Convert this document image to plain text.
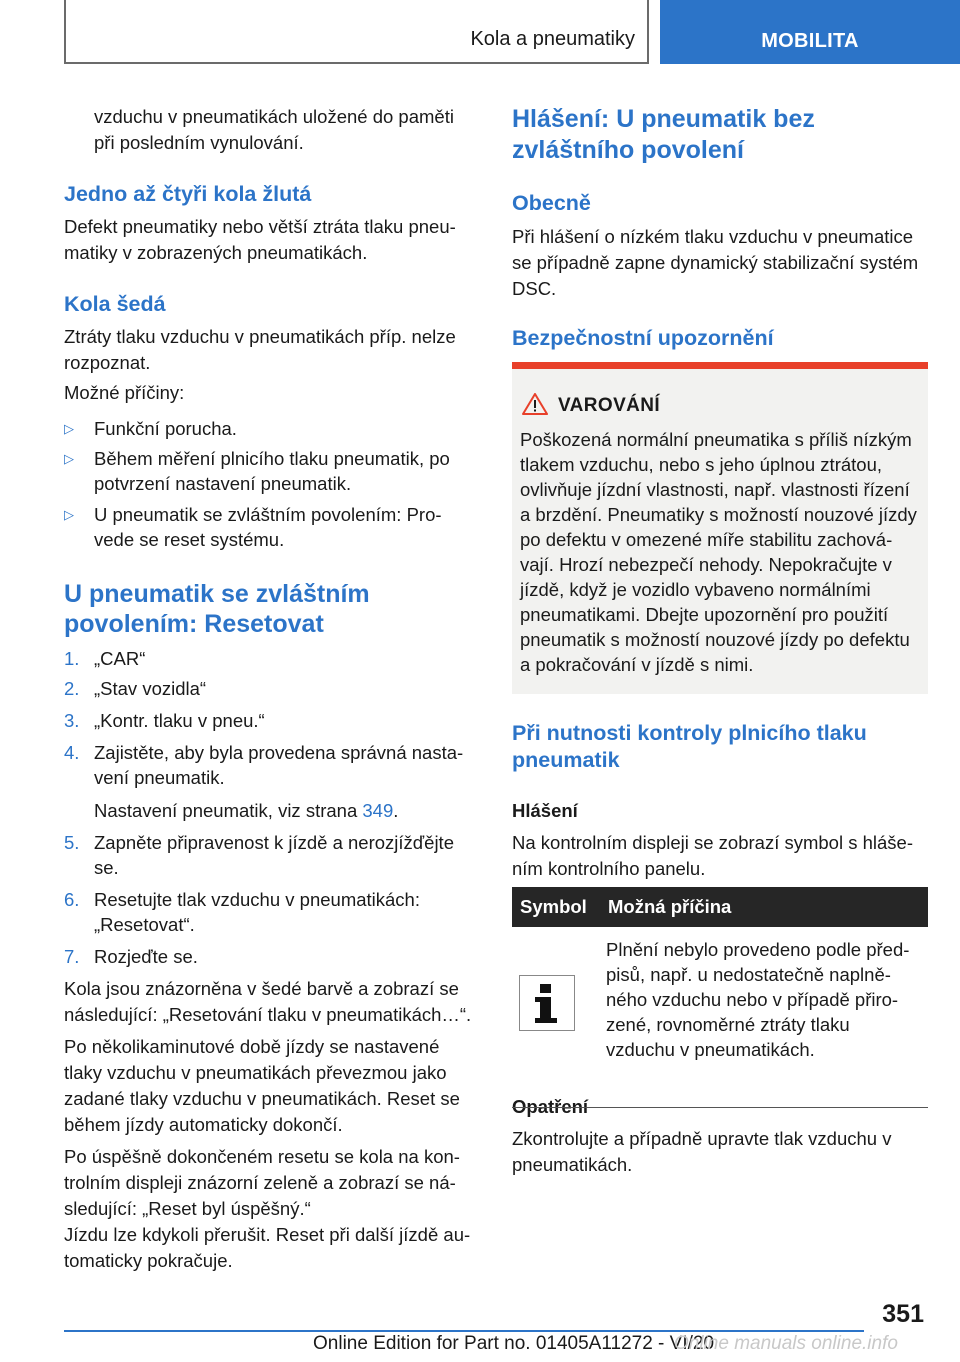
Kola a pneumatiky	MOBILITA

vzduchu v pneumatikách uložené do paměti

při posledním vynulování.

Jedno až čtyři kola žlutá

Defekt pneumatiky nebo větší ztráta tlaku pneu‐

matiky v zobrazených pneumatikách.

Kola šedá

Ztráty tlaku vzduchu v pneumatikách příp. nelze

rozpoznat.

Možné příčiny:

▷ Funkční porucha.

▷ Během měření plnicího tlaku pneumatik, po

potvrzení nastavení pneumatik.

▷ U pneumatik se zvláštním povolením: Pro‐

vede se reset systému.

U pneumatik se zvláštním
povolením: Resetovat
1. „CAR“

2. „Stav vozidla“

3. „Kontr. tlaku v pneu.“

4. Zajistěte, aby byla provedena správná nasta‐

vení pneumatik.

Nastavení pneumatik, viz strana 349.

5. Zapněte připravenost k jízdě a nerozjížďějte

se.

6. Resetujte tlak vzduchu v pneumatikách:

„Resetovat“.

7. Rozjeďte se.

Kola jsou znázorněna v šedé barvě a zobrazí se

následující: „Resetování tlaku v pneumatikách…“.

Po několikaminutové době jízdy se nastavené

tlaky vzduchu v pneumatikách převezmou jako

zadané tlaky vzduchu v pneumatikách. Reset se

během jízdy automaticky dokončí.

Po úspěšně dokončeném resetu se kola na kon‐

trolním displeji znázorní zeleně a zobrazí se ná‐

sledující: „Reset byl úspěšný.“

Jízdu lze kdykoli přerušit. Reset při další jízdě au‐

tomaticky pokračuje.

Hlášení: U pneumatik bez
zvláštního povolení
Obecně

Při hlášení o nízkém tlaku vzduchu v pneumatice

se případně zapne dynamický stabilizační systém

DSC.

Bezpečnostní upozornění
VAROVÁNÍ

Poškozená normální pneumatika s příliš nízkým

tlakem vzduchu, nebo s jeho úplnou ztrátou,

ovlivňuje jízdní vlastnosti, např. vlastnosti řízení

a brzdění. Pneumatiky s možností nouzové jízdy

po defektu v omezené míře stabilitu zachová‐

vají. Hrozí nebezpečí nehody. Nepokračujte v

jízdě, když je vozidlo vybaveno normálními

pneumatikami. Dbejte upozornění pro použití

pneumatik s možností nouzové jízdy po defektu

a pokračování v jízdě s nimi.

Při nutnosti kontroly plnicího tlaku
pneumatik

Hlášení

Na kontrolním displeji se zobrazí symbol s hláše‐

ním kontrolního panelu.

Opatření

Zkontrolujte a případně upravte tlak vzduchu v

pneumatikách.

Symbol Možná příčina

Plnění nebylo provedeno podle před‐

pisů, např. u nedostatečně naplně‐

ného vzduchu nebo v případě přiro‐

zené, rovnoměrné ztráty tlaku

vzduchu v pneumatikách.

351
Online Edition for Part no. 01405A11272 - VI/20
Online manuals online.info
